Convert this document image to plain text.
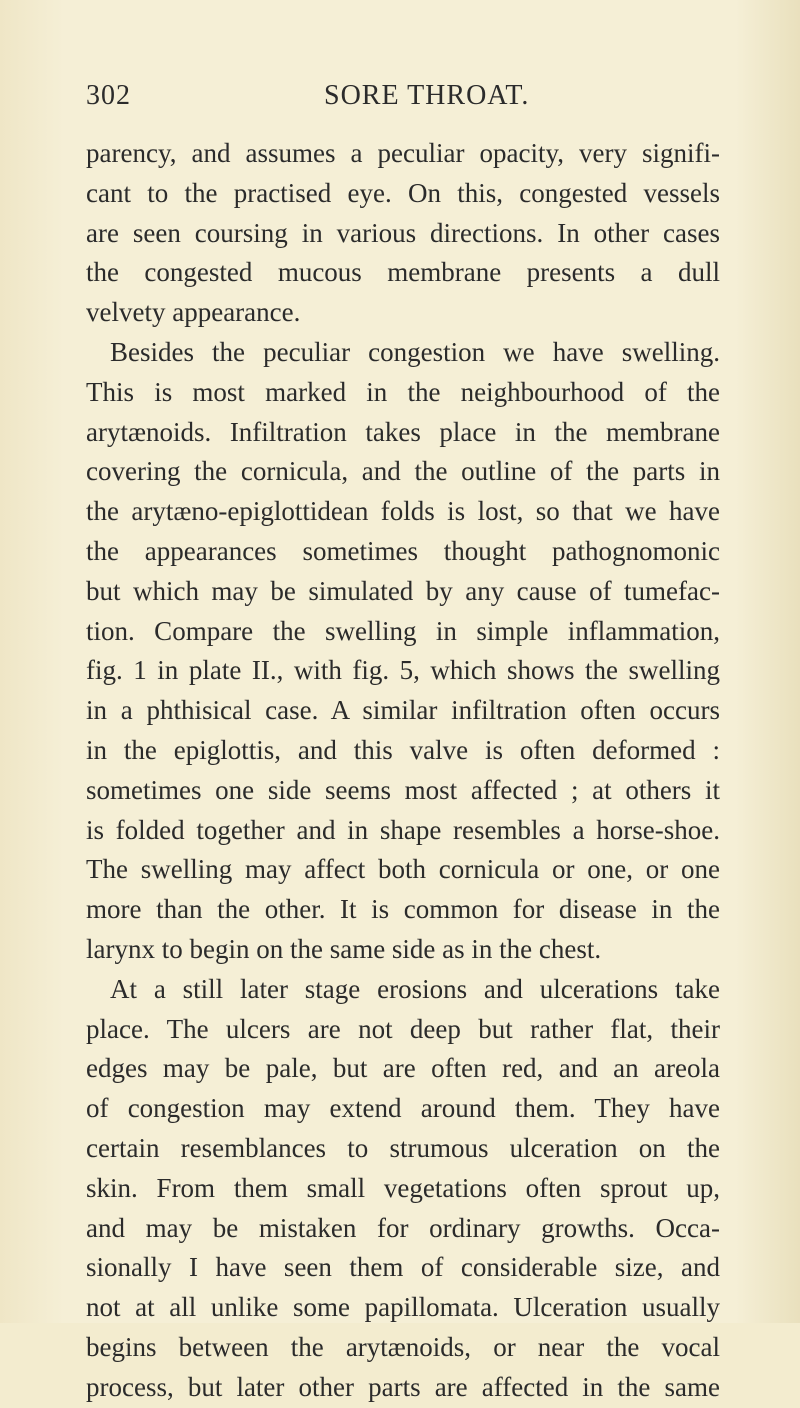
302	SORE THROAT.
parency, and assumes a peculiar opacity, very signifi-
cant to the practised eye. On this, congested vessels
are seen coursing in various directions. In other cases
the congested mucous membrane presents a dull
velvety appearance.
Besides the peculiar congestion we have swelling.
This is most marked in the neighbourhood of the
arytænoids. Infiltration takes place in the membrane
covering the cornicula, and the outline of the parts in
the arytæno-epiglottidean folds is lost, so that we have
the appearances sometimes thought pathognomonic
but which may be simulated by any cause of tumefac-
tion. Compare the swelling in simple inflammation,
fig. 1 in plate II., with fig. 5, which shows the swelling
in a phthisical case. A similar infiltration often occurs
in the epiglottis, and this valve is often deformed :
sometimes one side seems most affected ; at others it
is folded together and in shape resembles a horse-shoe.
The swelling may affect both cornicula or one, or one
more than the other. It is common for disease in the
larynx to begin on the same side as in the chest.
At a still later stage erosions and ulcerations take
place. The ulcers are not deep but rather flat, their
edges may be pale, but are often red, and an areola
of congestion may extend around them. They have
certain resemblances to strumous ulceration on the
skin. From them small vegetations often sprout up,
and may be mistaken for ordinary growths. Occa-
sionally I have seen them of considerable size, and
not at all unlike some papillomata. Ulceration usually
begins between the arytænoids, or near the vocal
process, but later other parts are affected in the same
